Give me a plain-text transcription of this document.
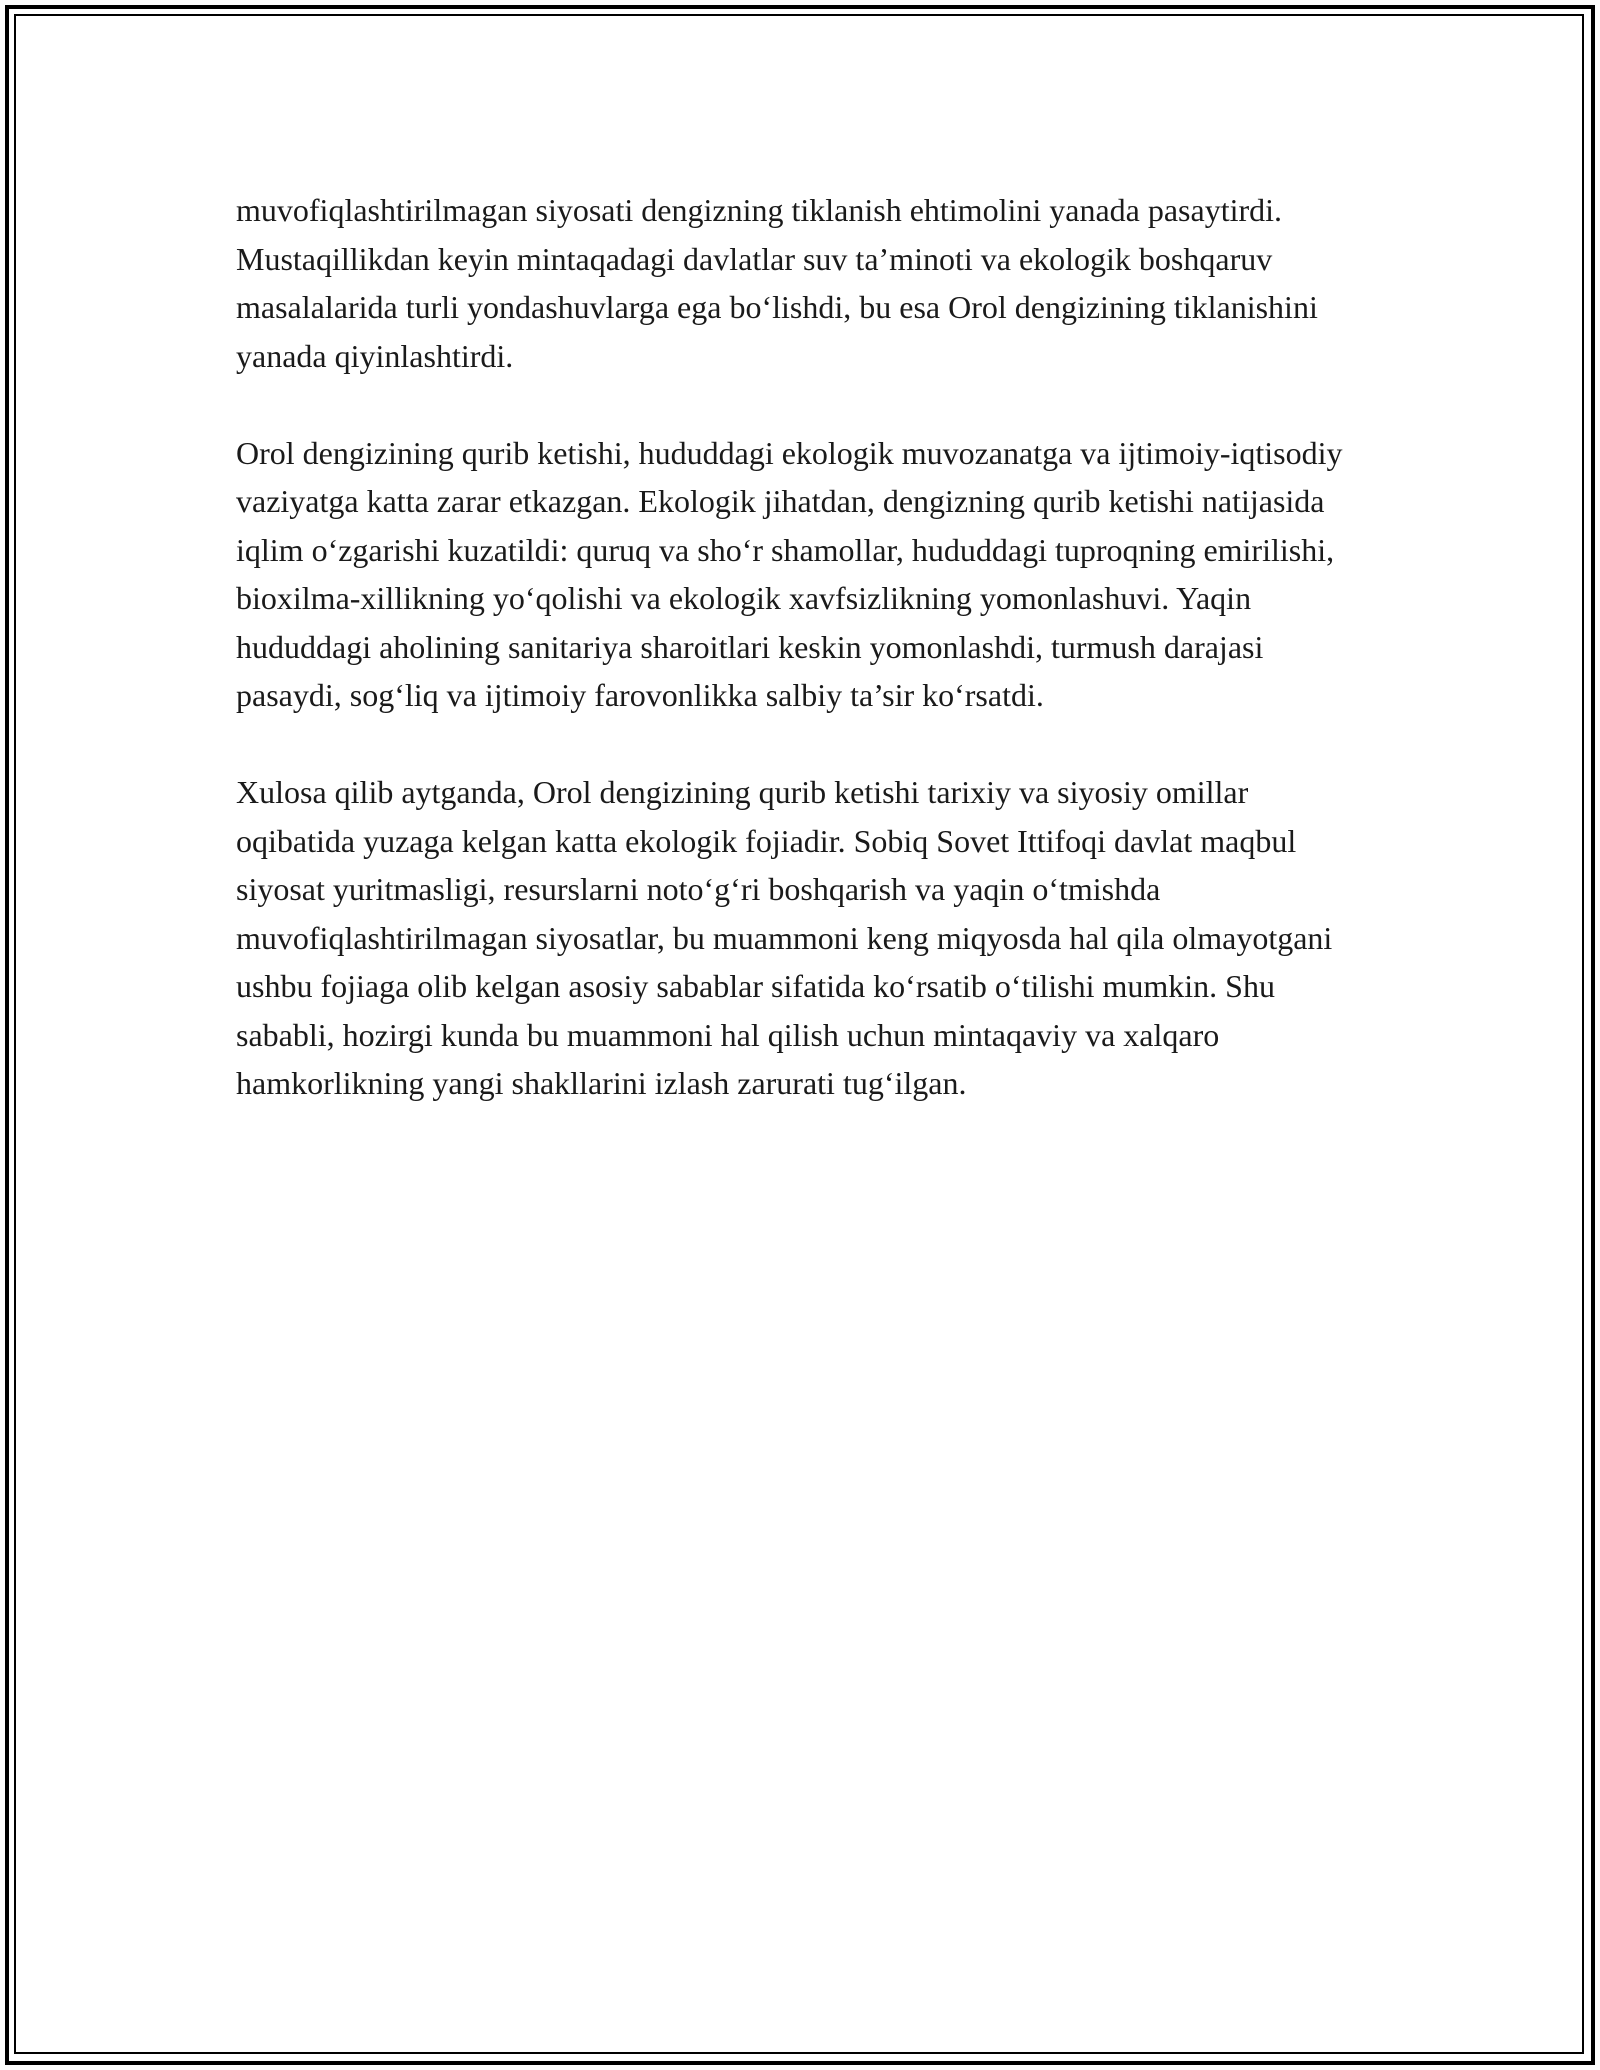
muvofiqlashtirilmagan siyosati dengizning tiklanish ehtimolini yanada pasaytirdi. Mustaqillikdan keyin mintaqadagi davlatlar suv ta’minoti va ekologik boshqaruv masalalarida turli yondashuvlarga ega bo‘lishdi, bu esa Orol dengizining tiklanishini yanada qiyinlashtirdi.

Orol dengizining qurib ketishi, hududdagi ekologik muvozanatga va ijtimoiy-iqtisodiy vaziyatga katta zarar etkazgan. Ekologik jihatdan, dengizning qurib ketishi natijasida iqlim o‘zgarishi kuzatildi: quruq va sho‘r shamollar, hududdagi tuproqning emirilishi, bioxilma-xillikning yo‘qolishi va ekologik xavfsizlikning yomonlashuvi. Yaqin hududdagi aholining sanitariya sharoitlari keskin yomonlashdi, turmush darajasi pasaydi, sog‘liq va ijtimoiy farovonlikka salbiy ta’sir ko‘rsatdi.

Xulosa qilib aytganda, Orol dengizining qurib ketishi tarixiy va siyosiy omillar oqibatida yuzaga kelgan katta ekologik fojiadir. Sobiq Sovet Ittifoqi davlat maqbul siyosat yuritmasligi, resurslarni noto‘g‘ri boshqarish va yaqin o‘tmishda muvofiqlashtirilmagan siyosatlar, bu muammoni keng miqyosda hal qila olmayotgani ushbu fojiaga olib kelgan asosiy sabablar sifatida ko‘rsatib o‘tilishi mumkin. Shu sababli, hozirgi kunda bu muammoni hal qilish uchun mintaqaviy va xalqaro hamkorlikning yangi shakllarini izlash zarurati tug‘ilgan.
